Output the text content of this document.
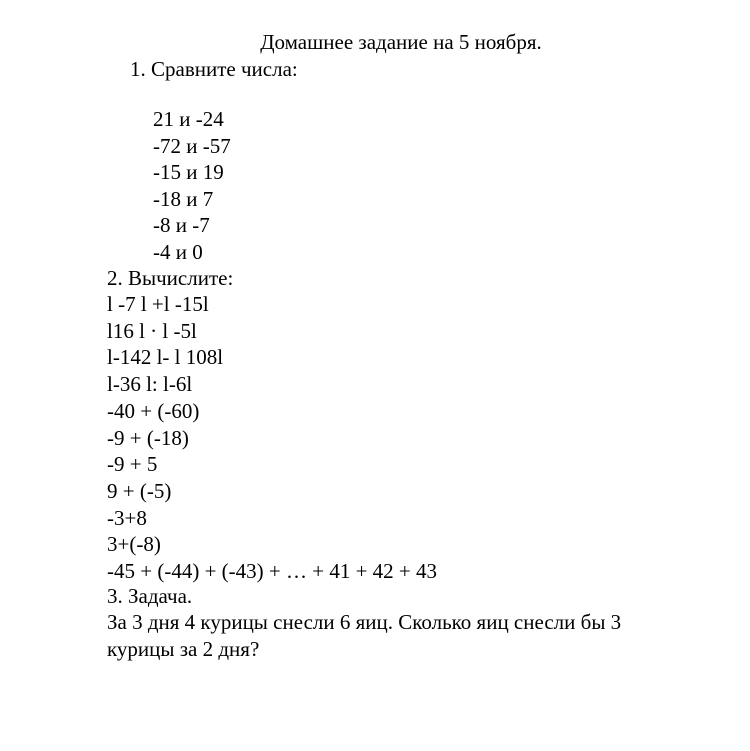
Домашнее задание на 5 ноября.
1. Сравните числа:
21 и -24
-72 и -57
-15 и 19
-18 и 7
-8 и -7
-4 и 0
2. Вычислите:
l -7 l +l -15l
l16 l · l -5l
l-142 l- l 108l
l-36 l: l-6l
-40 + (-60)
-9 + (-18)
-9 + 5
9 + (-5)
-3+8
3+(-8)
-45 + (-44) + (-43) + … + 41 + 42 + 43
3. Задача.
За 3 дня 4 курицы снесли 6 яиц. Сколько яиц снесли бы 3 курицы за 2 дня?
